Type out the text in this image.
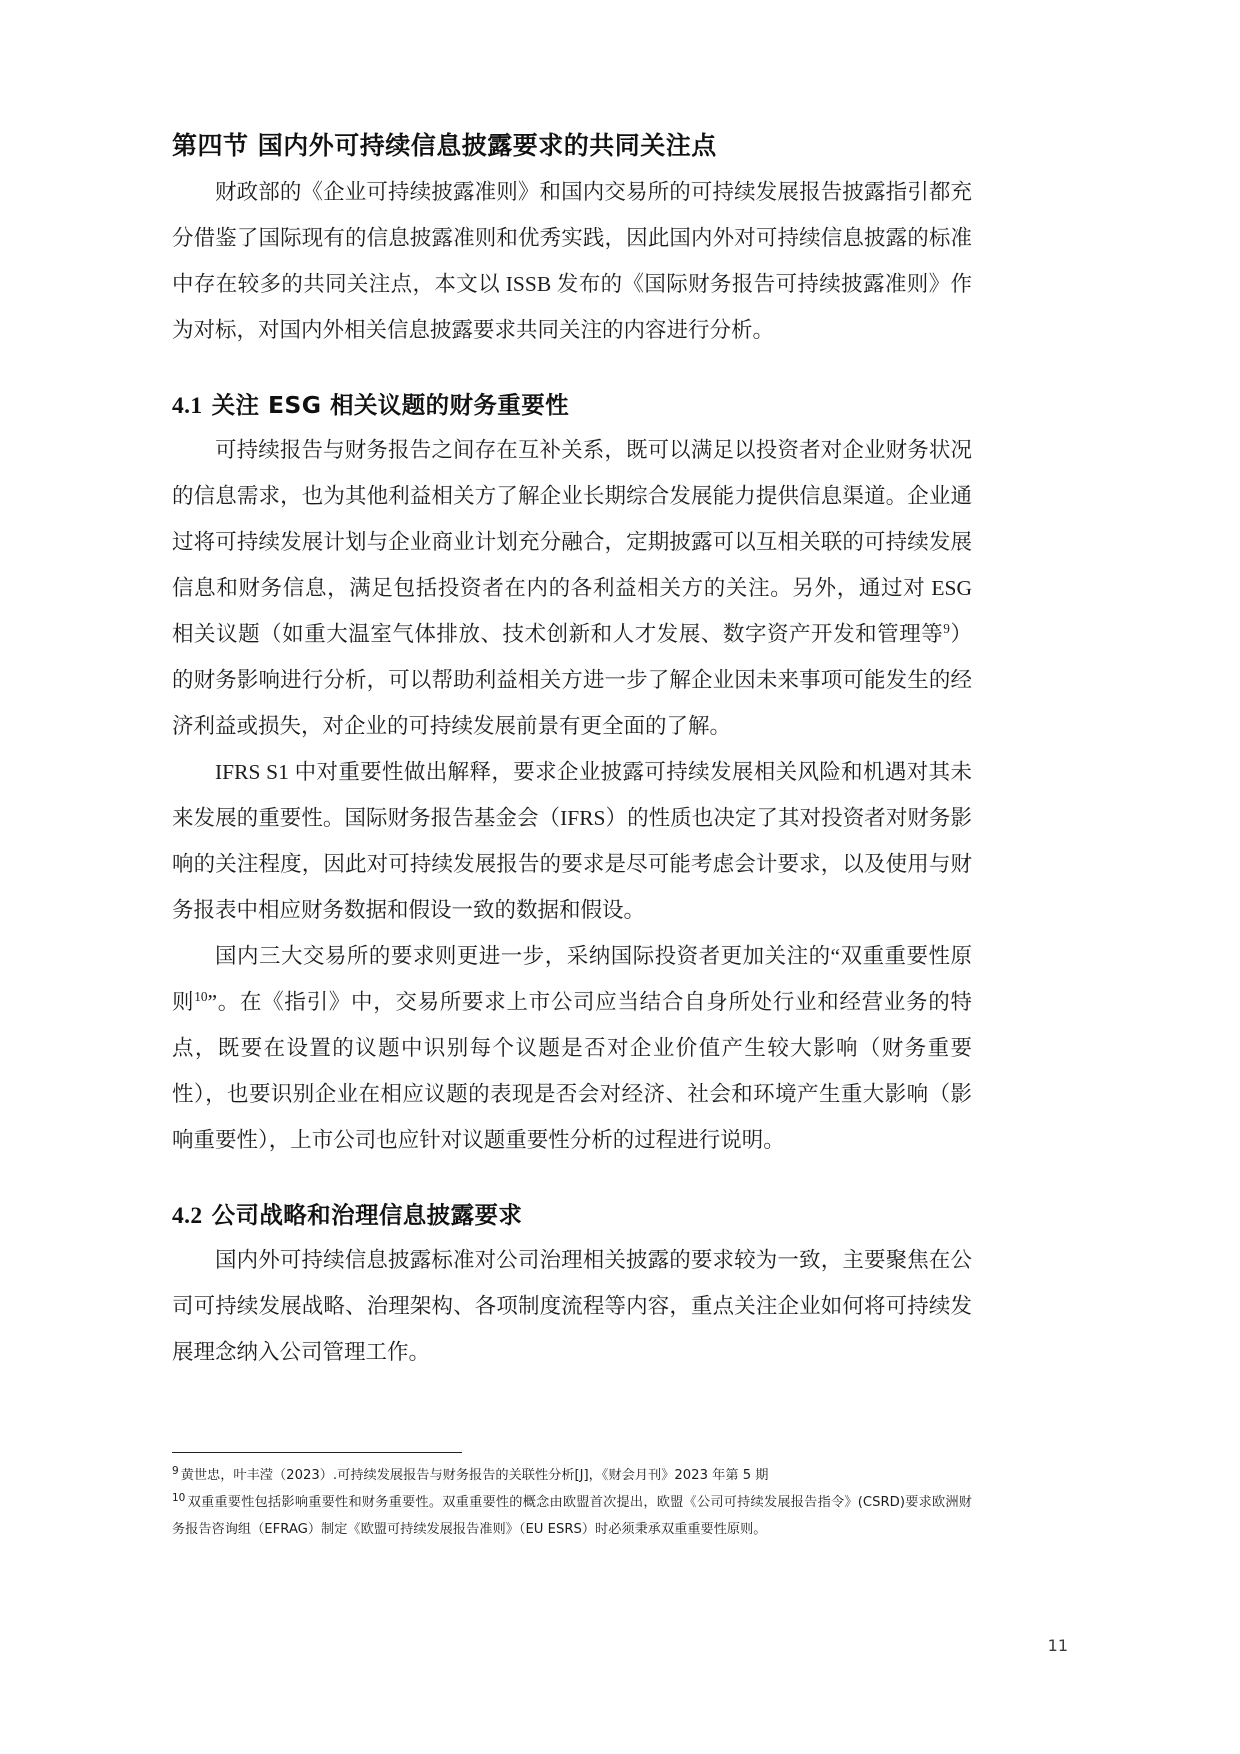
第四节 国内外可持续信息披露要求的共同关注点

财政部的《企业可持续披露准则》和国内交易所的可持续发展报告披露指引都充分借鉴了国际现有的信息披露准则和优秀实践，因此国内外对可持续信息披露的标准中存在较多的共同关注点，本文以 ISSB 发布的《国际财务报告可持续披露准则》作为对标，对国内外相关信息披露要求共同关注的内容进行分析。

4.1 关注 ESG 相关议题的财务重要性

可持续报告与财务报告之间存在互补关系，既可以满足以投资者对企业财务状况的信息需求，也为其他利益相关方了解企业长期综合发展能力提供信息渠道。企业通过将可持续发展计划与企业商业计划充分融合，定期披露可以互相关联的可持续发展信息和财务信息，满足包括投资者在内的各利益相关方的关注。另外，通过对 ESG 相关议题（如重大温室气体排放、技术创新和人才发展、数字资产开发和管理等$^9$）的财务影响进行分析，可以帮助利益相关方进一步了解企业因未来事项可能发生的经济利益或损失，对企业的可持续发展前景有更全面的了解。

IFRS S1 中对重要性做出解释，要求企业披露可持续发展相关风险和机遇对其未来发展的重要性。国际财务报告基金会（IFRS）的性质也决定了其对投资者对财务影响的关注程度，因此对可持续发展报告的要求是尽可能考虑会计要求，以及使用与财务报表中相应财务数据和假设一致的数据和假设。

国内三大交易所的要求则更进一步，采纳国际投资者更加关注的“双重重要性原则$^{10}$”。在《指引》中，交易所要求上市公司应当结合自身所处行业和经营业务的特点，既要在设置的议题中识别每个议题是否对企业价值产生较大影响（财务重要性），也要识别企业在相应议题的表现是否会对经济、社会和环境产生重大影响（影响重要性），上市公司也应针对议题重要性分析的过程进行说明。

4.2 公司战略和治理信息披露要求

国内外可持续信息披露标准对公司治理相关披露的要求较为一致，主要聚焦在公司可持续发展战略、治理架构、各项制度流程等内容，重点关注企业如何将可持续发展理念纳入公司管理工作。

$^9$ 黄世忠，叶丰滢（2023）.可持续发展报告与财务报告的关联性分析[J]，《财会月刊》2023 年第 5 期

$^{10}$ 双重重要性包括影响重要性和财务重要性。双重重要性的概念由欧盟首次提出，欧盟《公司可持续发展报告指令》(CSRD)要求欧洲财务报告咨询组（EFRAG）制定《欧盟可持续发展报告准则》（EU ESRS）时必须秉承双重重要性原则。

11
